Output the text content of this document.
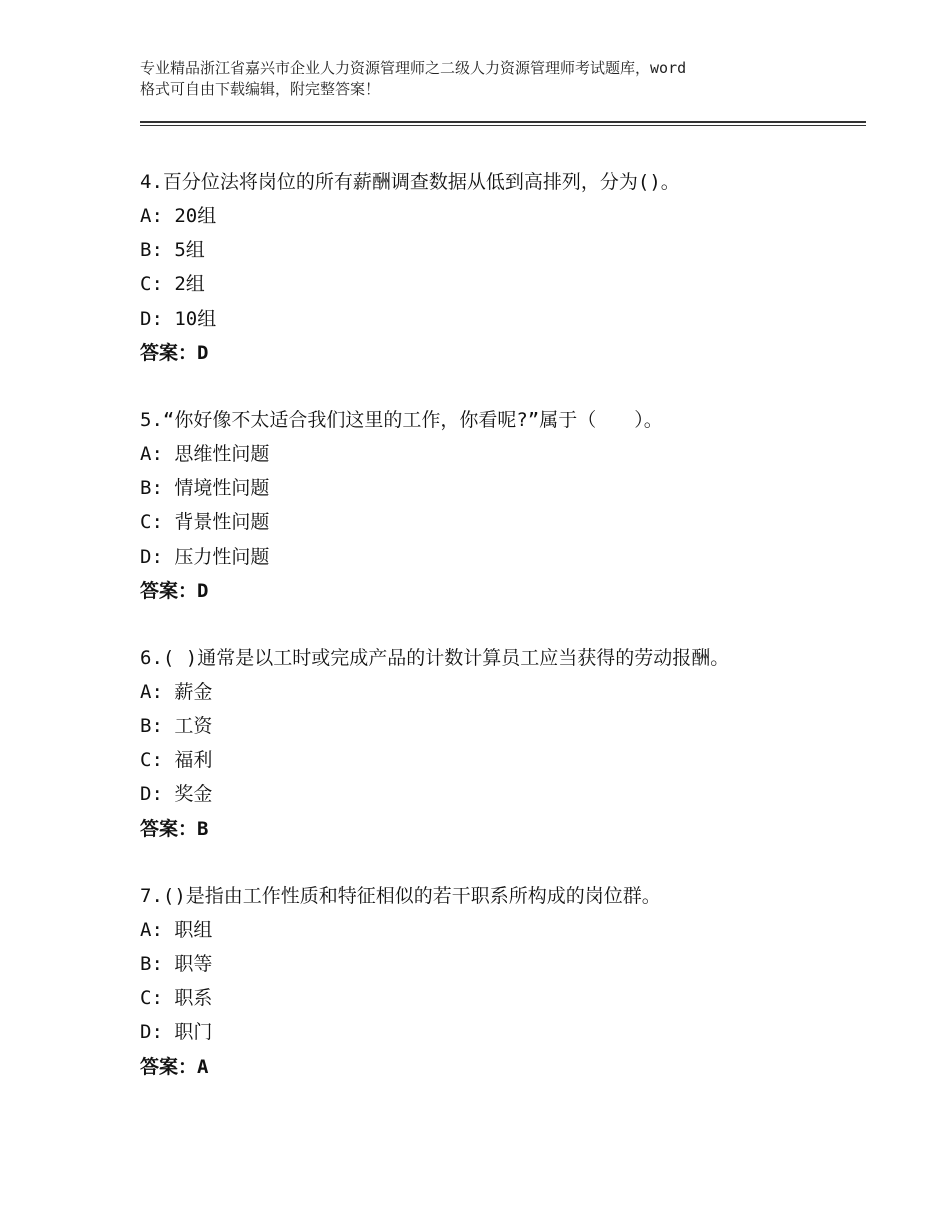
专业精品浙江省嘉兴市企业人力资源管理师之二级人力资源管理师考试题库，word
格式可自由下载编辑，附完整答案！
4.百分位法将岗位的所有薪酬调查数据从低到高排列，分为()。
A: 20组
B: 5组
C: 2组
D: 10组
答案：D
5.“你好像不太适合我们这里的工作，你看呢?”属于（　　）。
A: 思维性问题
B: 情境性问题
C: 背景性问题
D: 压力性问题
答案：D
6.( )通常是以工时或完成产品的计数计算员工应当获得的劳动报酬。
A: 薪金
B: 工资
C: 福利
D: 奖金
答案：B
7.()是指由工作性质和特征相似的若干职系所构成的岗位群。
A: 职组
B: 职等
C: 职系
D: 职门
答案：A
